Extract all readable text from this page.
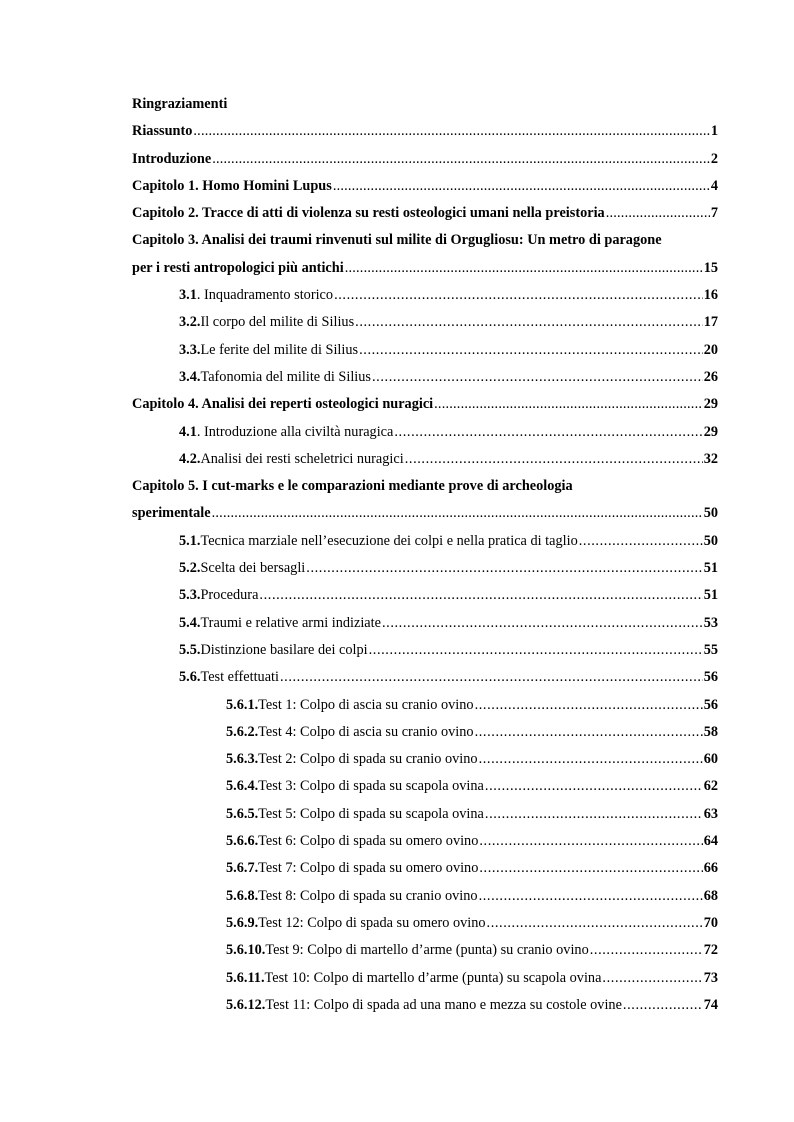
Ringraziamenti
Riassunto .....	1
Introduzione .....	2
Capitolo 1. Homo Homini Lupus .....	4
Capitolo 2. Tracce di atti di violenza su resti osteologici umani nella preistoria .....	7
Capitolo 3. Analisi dei traumi rinvenuti sul milite di Orgugliosu: Un metro di paragone
per i resti antropologici più antichi .....	15
3.1 . Inquadramento storico .....	16
3.2. Il corpo del milite di Silius .....	17
3.3. Le ferite del milite di Silius .....	20
3.4. Tafonomia del milite di Silius .....	26
Capitolo 4. Analisi dei reperti osteologici nuragici .....	29
4.1 . Introduzione alla civiltà nuragica .....	29
4.2. Analisi dei resti scheletrici nuragici .....	32
Capitolo 5. I cut-marks e le comparazioni mediante prove di archeologia
sperimentale .....	50
5.1. Tecnica marziale nell’esecuzione dei colpi e nella pratica di taglio .....	50
5.2. Scelta dei bersagli .....	51
5.3. Procedura .....	51
5.4. Traumi e relative armi indiziate .....	53
5.5. Distinzione basilare dei colpi .....	55
5.6. Test effettuati .....	56
5.6.1. Test 1: Colpo di ascia su cranio ovino .....	56
5.6.2. Test 4: Colpo di ascia su cranio ovino .....	58
5.6.3. Test 2: Colpo di spada su cranio ovino .....	60
5.6.4. Test 3: Colpo di spada su scapola ovina .....	62
5.6.5. Test 5: Colpo di spada su scapola ovina .....	63
5.6.6. Test 6: Colpo di spada su omero ovino .....	64
5.6.7. Test 7: Colpo di spada su omero ovino .....	66
5.6.8. Test 8: Colpo di spada su cranio ovino .....	68
5.6.9. Test 12: Colpo di spada su omero ovino .....	70
5.6.10. Test 9: Colpo di martello d’arme (punta) su cranio ovino .....	72
5.6.11. Test 10: Colpo di martello d’arme (punta) su scapola ovina .....	73
5.6.12. Test 11: Colpo di spada ad una mano e mezza su costole ovine .....	74
